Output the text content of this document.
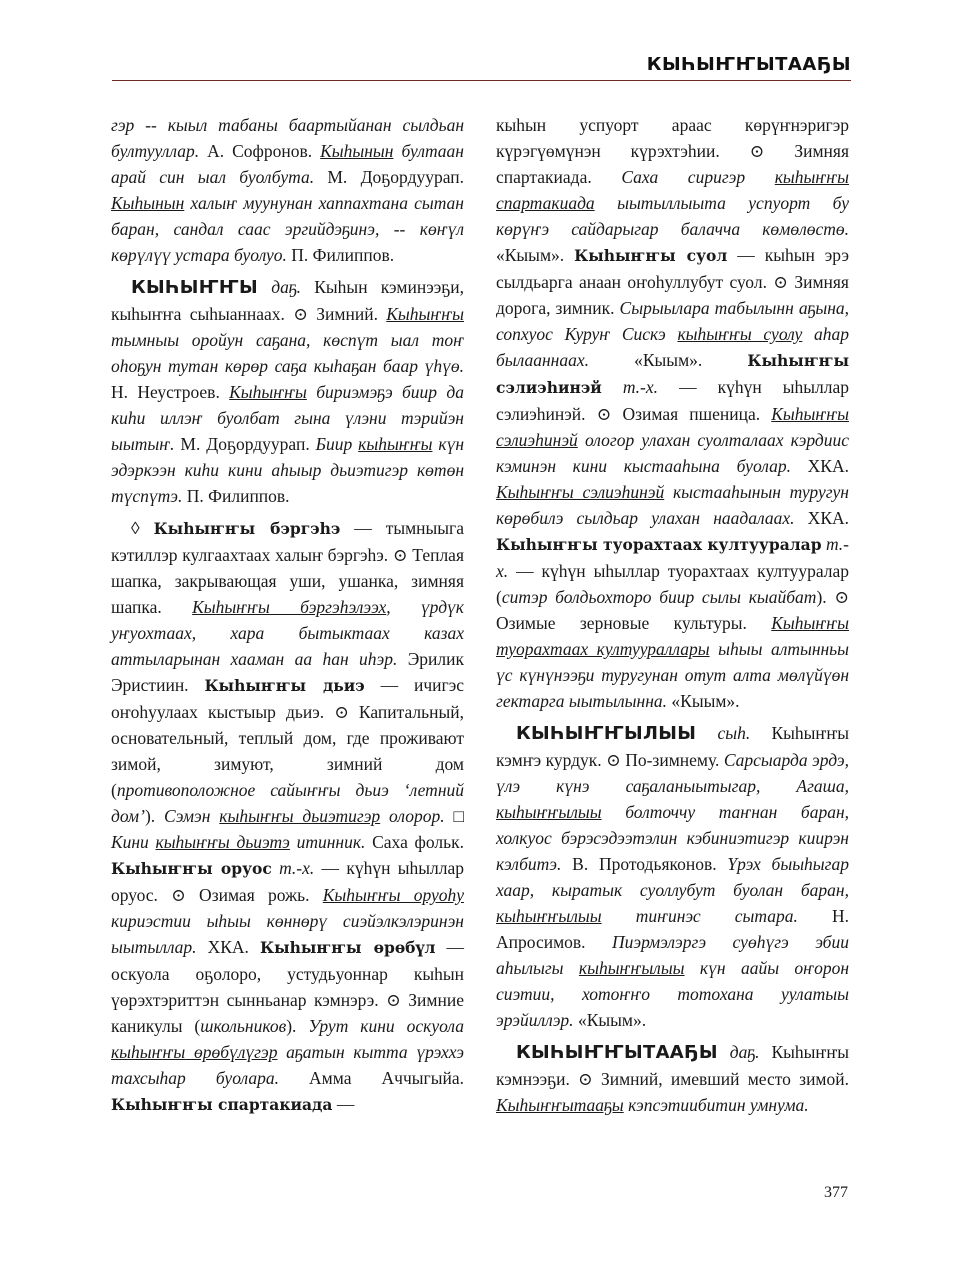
КЫҺЫҤҤЫТААҔЫ

гэр -- кыыл табаны баартыйанан сылдьан бултууллар. А. Софронов. Кыһынын бултаан арай син ыал буолбута. М. Доҕордуурап. Кыһынын халыҥ муунунан хаппахтана сытан баран, сандал саас эргийдэҕинэ, -- көҥүл көрүлүү устара буолуо. П. Филиппов.

КЫҺЫҤҤЫ даҕ. Кыһын кэминээҕи, кыһыҥҥа сыһыаннаах. ⊙ Зимний. Кыһыҥҥы тымныы оройун саҕана, көспүт ыал тоҥ оһоҕун тутан көрөр саҕа кыһаҕан баар үһүө. Н. Неустроев. Кыһыҥҥы бириэмэҕэ биир да киһи иллэҥ буолбат гына үлэни тэрийэн ыытыҥ. М. Доҕордуурап. Биир кыһыҥҥы күн эдэркээн киһи кини аһыыр дьиэтигэр көтөн түспүтэ. П. Филиппов.

◊ Кыһыҥҥы бэргэһэ — тымныыга кэтиллэр кулгаахтаах халыҥ бэргэһэ. ⊙ Теплая шапка, закрывающая уши, ушанка, зимняя шапка. Кыһыҥҥы бэргэһэлээх, үрдүк уҥуохтаах, хара бытыктаах казах аттыларынан хааман аа һан иһэр. Эрилик Эристиин. Кыһыҥҥы дьиэ — ичигэс оҥоһуулаах кыстыыр дьиэ. ⊙ Капитальный, основательный, теплый дом, где проживают зимой, зимуют, зимний дом (противоположное сайыҥҥы дьиэ ‘летний дом’). Сэмэн кыһыҥҥы дьиэтигэр олорор. □ Кини кыһыҥҥы дьиэтэ итинник. Саха фольк. Кыһыҥҥы оруос т.-х. — күһүн ыһыллар оруос. ⊙ Озимая рожь. Кыһыҥҥы оруоһу кириэстии ыһыы көннөрү сиэйэлкэлэринэн ыытыллар. ХКА. Кыһыҥҥы өрөбүл — оскуола оҕолоро, устудьуоннар кыһын үөрэхтэриттэн сынньанар кэмнэрэ. ⊙ Зимние каникулы (школьников). Урут кини оскуола кыһыҥҥы өрөбүлүгэр аҕатын кытта үрэххэ тахсыһар буолара. Амма Аччыгыйа. Кыһыҥҥы спартакиада —

кыһын успуорт араас көрүҥнэригэр күрэгүөмүнэн күрэхтэһии. ⊙ Зимняя спартакиада. Саха сиригэр кыһыҥҥы спартакиада ыытыллыыта успуорт бу көрүҥэ сайдарыгар балачча көмөлөстө. «Кыым». Кыһыҥҥы суол — кыһын эрэ сылдьарга анаан оҥоһуллубут суол. ⊙ Зимняя дорога, зимник. Сырыылара табылынн аҕына, сопхуос Куруҥ Сискэ кыһыҥҥы суолу аһар былааннаах. «Кыым». Кыһыҥҥы сэлиэһинэй т.-х. — күһүн ыһыллар сэлиэһинэй. ⊙ Озимая пшеница. Кыһыҥҥы сэлиэһинэй ологор улахан суолталаах кэрдиис кэминэн кини кыстааһына буолар. ХКА. Кыһыҥҥы сэлиэһинэй кыстааһынын туругун көрөбилэ сылдьар улахан наадалаах. ХКА. Кыһыҥҥы туорахтаах култууралар т.-х. — күһүн ыһыллар туорахтаах култууралар (ситэр болдьохторо биир сылы кыайбат). ⊙ Озимые зерновые культуры. Кыһыҥҥы туорахтаах култуураллары ыһыы алтынньы үс күнүнээҕи туругунан отут алта мөлүйүөн гектарга ыытылынна. «Кыым».

КЫҺЫҤҤЫЛЫЫ сыһ. Кыһыҥҥы кэмҥэ курдук. ⊙ По-зимнему. Сарсыарда эрдэ, үлэ күнэ саҕаланыытыгар, Агаша, кыһыҥҥылыы болточчу таҥнан баран, холкуос бэрэсэдээтэлин кэбиниэтигэр киирэн кэлбитэ. В. Протодьяконов. Үрэх быыһыгар хаар, кыратык суоллубут буолан баран, кыһыҥҥылыы тиҥинэс сытара. Н. Апросимов. Пиэрмэлэргэ суөһүгэ эбии аһылыгы кыһыҥҥылыы күн аайы оҥорон сиэтии, хотоҥҥо тотохана уулатыы эрэйиллэр. «Кыым».

КЫҺЫҤҤЫТААҔЫ даҕ. Кыһыҥҥы кэмнээҕи. ⊙ Зимний, имевший место зимой. Кыһыҥҥытааҕы кэпсэтиибитин умнума.

377
